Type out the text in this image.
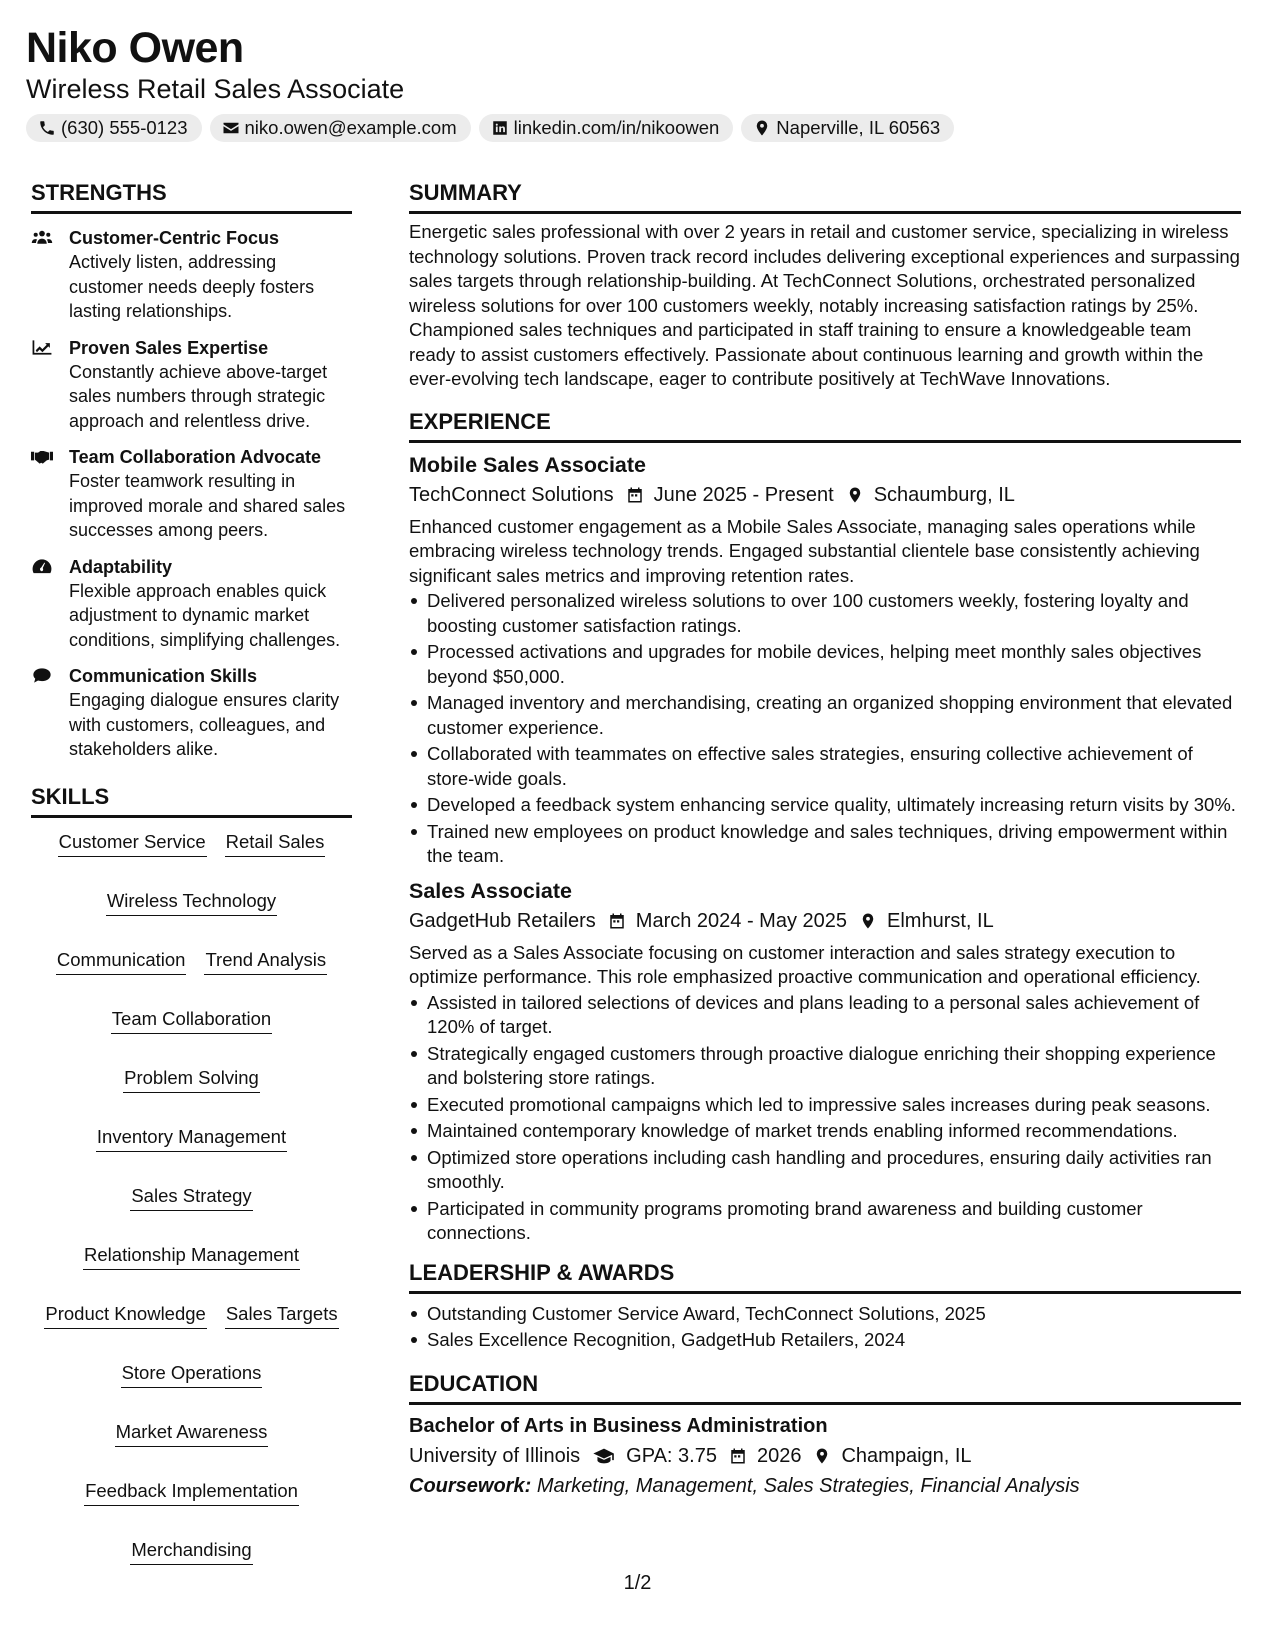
Niko Owen
Wireless Retail Sales Associate
(630) 555-0123	niko.owen@example.com	linkedin.com/in/nikoowen	Naperville, IL 60563
STRENGTHS
Customer-Centric Focus
Actively listen, addressing customer needs deeply fosters lasting relationships.
Proven Sales Expertise
Constantly achieve above-target sales numbers through strategic approach and relentless drive.
Team Collaboration Advocate
Foster teamwork resulting in improved morale and shared sales successes among peers.
Adaptability
Flexible approach enables quick adjustment to dynamic market conditions, simplifying challenges.
Communication Skills
Engaging dialogue ensures clarity with customers, colleagues, and stakeholders alike.
SKILLS
Customer Service Retail Sales
Wireless Technology
Communication Trend Analysis
Team Collaboration
Problem Solving
Inventory Management
Sales Strategy
Relationship Management
Product Knowledge Sales Targets
Store Operations
Market Awareness
Feedback Implementation
Merchandising
SUMMARY
Energetic sales professional with over 2 years in retail and customer service, specializing in wireless technology solutions. Proven track record includes delivering exceptional experiences and surpassing sales targets through relationship-building. At TechConnect Solutions, orchestrated personalized wireless solutions for over 100 customers weekly, notably increasing satisfaction ratings by 25%. Championed sales techniques and participated in staff training to ensure a knowledgeable team ready to assist customers effectively. Passionate about continuous learning and growth within the ever-evolving tech landscape, eager to contribute positively at TechWave Innovations.
EXPERIENCE
Mobile Sales Associate
TechConnect Solutions June 2025 - Present Schaumburg, IL
Enhanced customer engagement as a Mobile Sales Associate, managing sales operations while embracing wireless technology trends. Engaged substantial clientele base consistently achieving significant sales metrics and improving retention rates.
Delivered personalized wireless solutions to over 100 customers weekly, fostering loyalty and boosting customer satisfaction ratings.
Processed activations and upgrades for mobile devices, helping meet monthly sales objectives beyond $50,000.
Managed inventory and merchandising, creating an organized shopping environment that elevated customer experience.
Collaborated with teammates on effective sales strategies, ensuring collective achievement of store-wide goals.
Developed a feedback system enhancing service quality, ultimately increasing return visits by 30%.
Trained new employees on product knowledge and sales techniques, driving empowerment within the team.
Sales Associate
GadgetHub Retailers March 2024 - May 2025 Elmhurst, IL
Served as a Sales Associate focusing on customer interaction and sales strategy execution to optimize performance. This role emphasized proactive communication and operational efficiency.
Assisted in tailored selections of devices and plans leading to a personal sales achievement of 120% of target.
Strategically engaged customers through proactive dialogue enriching their shopping experience and bolstering store ratings.
Executed promotional campaigns which led to impressive sales increases during peak seasons.
Maintained contemporary knowledge of market trends enabling informed recommendations.
Optimized store operations including cash handling and procedures, ensuring daily activities ran smoothly.
Participated in community programs promoting brand awareness and building customer connections.
LEADERSHIP & AWARDS
Outstanding Customer Service Award, TechConnect Solutions, 2025
Sales Excellence Recognition, GadgetHub Retailers, 2024
EDUCATION
Bachelor of Arts in Business Administration
University of Illinois GPA: 3.75 2026 Champaign, IL
Coursework: Marketing, Management, Sales Strategies, Financial Analysis
1/2
